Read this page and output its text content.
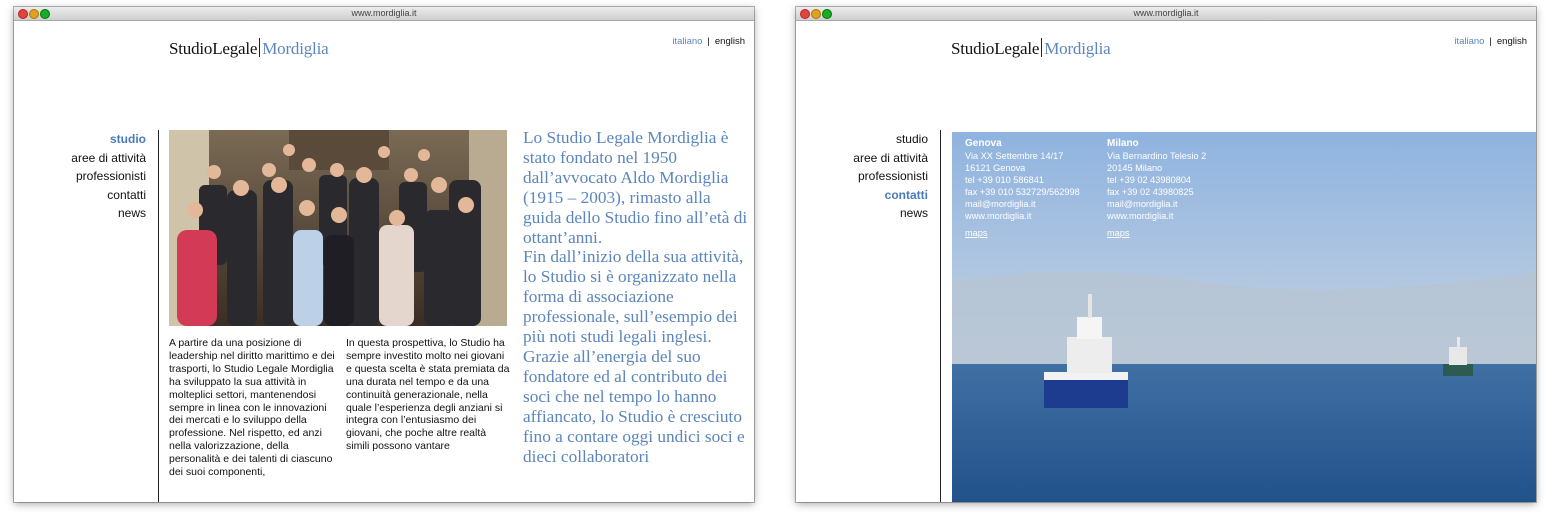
www.mordiglia.it
StudioLegale Mordiglia	italiano | english
studio
aree di attività
professionisti
contatti
news
A partire da una posizione di leadership nel diritto marittimo e dei trasporti, lo Studio Legale Mordiglia ha sviluppato la sua attività in molteplici settori, mantenendosi sempre in linea con le innovazioni dei mercati e lo sviluppo della professione. Nel rispetto, ed anzi nella valorizzazione, della personalità e dei talenti di ciascuno dei suoi componenti,
In questa prospettiva, lo Studio ha sempre investito molto nei giovani e questa scelta è stata premiata da una durata nel tempo e da una continuità generazionale, nella quale l’esperienza degli anziani si integra con l’entusiasmo dei giovani, che poche altre realtà simili possono vantare
Lo Studio Legale Mordiglia è stato fondato nel 1950 dall’avvocato Aldo Mordiglia (1915 – 2003), rimasto alla guida dello Studio fino all’età di ottant’anni.
Fin dall’inizio della sua attività, lo Studio si è organizzato nella forma di associazione professionale, sull’esempio dei più noti studi legali inglesi.
Grazie all’energia del suo fondatore ed al contributo dei soci che nel tempo lo hanno affiancato, lo Studio è cresciuto fino a contare oggi undici soci e dieci collaboratori
www.mordiglia.it
StudioLegale Mordiglia	italiano | english
studio
aree di attività
professionisti
contatti
news
Genova
Via XX Settembre 14/17
16121 Genova
tel +39 010 586841
fax +39 010 532729/562998
mail@mordiglia.it
www.mordiglia.it
maps
Milano
Via Bernardino Telesio 2
20145 Milano
tel +39 02 43980804
fax +39 02 43980825
mail@mordiglia.it
www.mordiglia.it
maps
